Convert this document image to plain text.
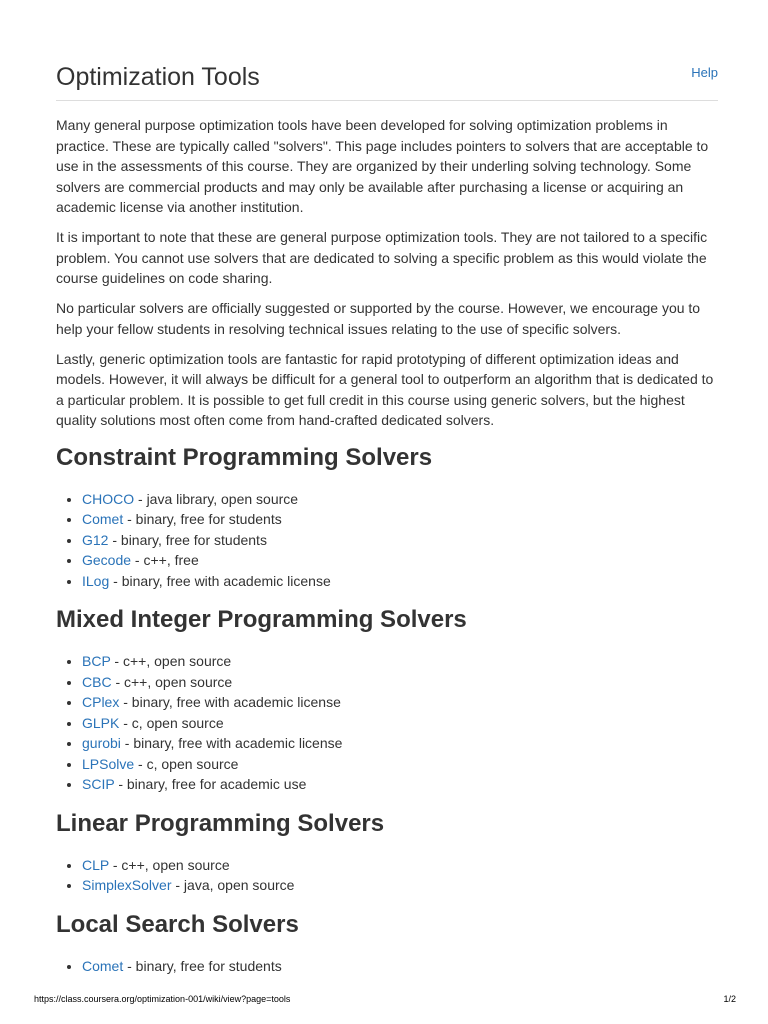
Optimization Tools	Help

Many general purpose optimization tools have been developed for solving optimization problems in practice. These are typically called "solvers". This page includes pointers to solvers that are acceptable to use in the assessments of this course. They are organized by their underling solving technology. Some solvers are commercial products and may only be available after purchasing a license or acquiring an academic license via another institution.

It is important to note that these are general purpose optimization tools. They are not tailored to a specific problem. You cannot use solvers that are dedicated to solving a specific problem as this would violate the course guidelines on code sharing.

No particular solvers are officially suggested or supported by the course. However, we encourage you to help your fellow students in resolving technical issues relating to the use of specific solvers.

Lastly, generic optimization tools are fantastic for rapid prototyping of different optimization ideas and models. However, it will always be difficult for a general tool to outperform an algorithm that is dedicated to a particular problem. It is possible to get full credit in this course using generic solvers, but the highest quality solutions most often come from hand-crafted dedicated solvers.

Constraint Programming Solvers
• CHOCO - java library, open source
• Comet - binary, free for students
• G12 - binary, free for students
• Gecode - c++, free
• ILog - binary, free with academic license
Mixed Integer Programming Solvers
• BCP - c++, open source
• CBC - c++, open source
• CPlex - binary, free with academic license
• GLPK - c, open source
• gurobi - binary, free with academic license
• LPSolve - c, open source
• SCIP - binary, free for academic use
Linear Programming Solvers
• CLP - c++, open source
• SimplexSolver - java, open source
Local Search Solvers
• Comet - binary, free for students
https://class.coursera.org/optimization-001/wiki/view?page=tools	1/2
